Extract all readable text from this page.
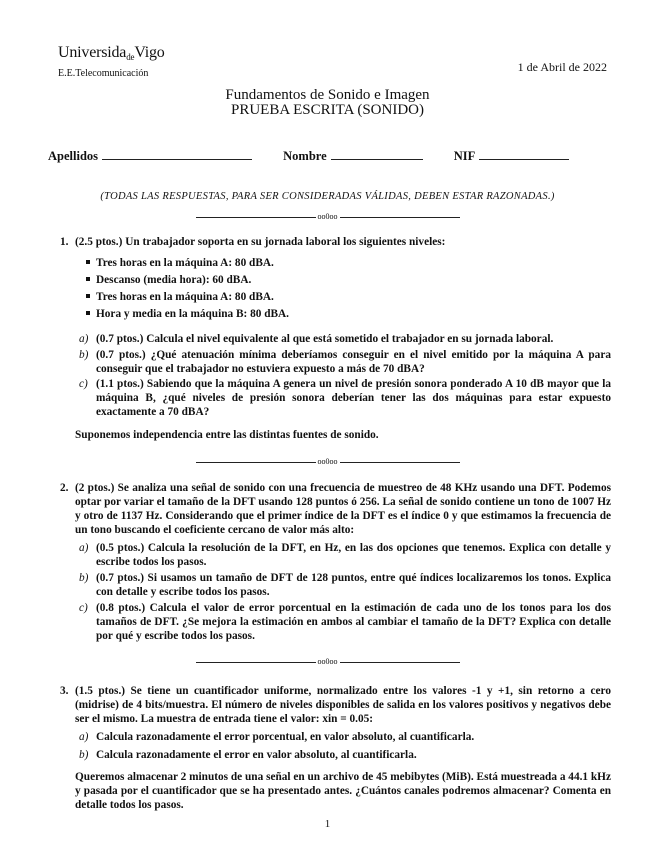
UniversidadeVigo
E.E.Telecomunicación	1 de Abril de 2022
Fundamentos de Sonido e Imagen
PRUEBA ESCRITA (SONIDO)
Apellidos	Nombre	NIF
(TODAS LAS RESPUESTAS, PARA SER CONSIDERADAS VÁLIDAS, DEBEN ESTAR RAZONADAS.)
oo0oo
1. (2.5 ptos.) Un trabajador soporta en su jornada laboral los siguientes niveles:
Tres horas en la máquina A: 80 dBA.
Descanso (media hora): 60 dBA.
Tres horas en la máquina A: 80 dBA.
Hora y media en la máquina B: 80 dBA.
a) (0.7 ptos.) Calcula el nivel equivalente al que está sometido el trabajador en su jornada laboral.
b) (0.7 ptos.) ¿Qué atenuación mínima deberíamos conseguir en el nivel emitido por la máquina A para conseguir que el trabajador no estuviera expuesto a más de 70 dBA?
c) (1.1 ptos.) Sabiendo que la máquina A genera un nivel de presión sonora ponderado A 10 dB mayor que la máquina B, ¿qué niveles de presión sonora deberían tener las dos máquinas para estar expuesto exactamente a 70 dBA?
Suponemos independencia entre las distintas fuentes de sonido.
oo0oo
2. (2 ptos.) Se analiza una señal de sonido con una frecuencia de muestreo de 48 KHz usando una DFT. Podemos optar por variar el tamaño de la DFT usando 128 puntos ó 256. La señal de sonido contiene un tono de 1007 Hz y otro de 1137 Hz. Considerando que el primer índice de la DFT es el índice 0 y que estimamos la frecuencia de un tono buscando el coeficiente cercano de valor más alto:
a) (0.5 ptos.) Calcula la resolución de la DFT, en Hz, en las dos opciones que tenemos. Explica con detalle y escribe todos los pasos.
b) (0.7 ptos.) Si usamos un tamaño de DFT de 128 puntos, entre qué índices localizaremos los tonos. Explica con detalle y escribe todos los pasos.
c) (0.8 ptos.) Calcula el valor de error porcentual en la estimación de cada uno de los tonos para los dos tamaños de DFT. ¿Se mejora la estimación en ambos al cambiar el tamaño de la DFT? Explica con detalle por qué y escribe todos los pasos.
oo0oo
3. (1.5 ptos.) Se tiene un cuantificador uniforme, normalizado entre los valores -1 y +1, sin retorno a cero (midrise) de 4 bits/muestra. El número de niveles disponibles de salida en los valores positivos y negativos debe ser el mismo. La muestra de entrada tiene el valor: xin = 0.05:
a) Calcula razonadamente el error porcentual, en valor absoluto, al cuantificarla.
b) Calcula razonadamente el error en valor absoluto, al cuantificarla.
Queremos almacenar 2 minutos de una señal en un archivo de 45 mebibytes (MiB). Está muestreada a 44.1 kHz y pasada por el cuantificador que se ha presentado antes. ¿Cuántos canales podremos almacenar? Comenta en detalle todos los pasos.
1
